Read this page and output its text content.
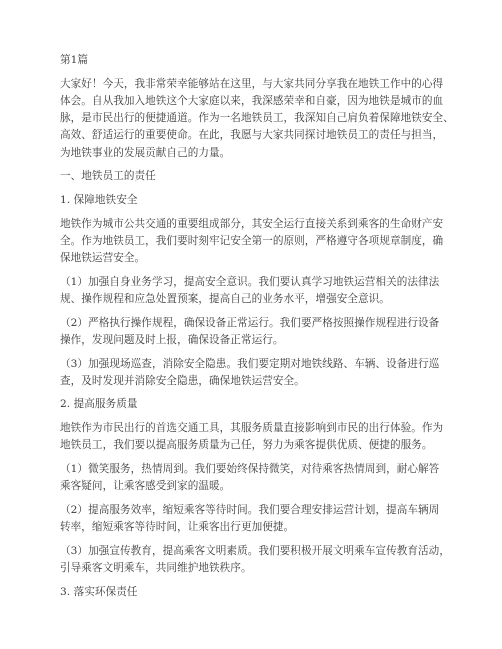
第1篇

大家好！今天，我非常荣幸能够站在这里，与大家共同分享我在地铁工作中的心得

体会。自从我加入地铁这个大家庭以来，我深感荣幸和自豪，因为地铁是城市的血

脉，是市民出行的便捷通道。作为一名地铁员工，我深知自己肩负着保障地铁安全、

高效、舒适运行的重要使命。在此，我愿与大家共同探讨地铁员工的责任与担当，

为地铁事业的发展贡献自己的力量。

一、地铁员工的责任

1. 保障地铁安全

地铁作为城市公共交通的重要组成部分，其安全运行直接关系到乘客的生命财产安

全。作为地铁员工，我们要时刻牢记安全第一的原则，严格遵守各项规章制度，确

保地铁运营安全。

（1）加强自身业务学习，提高安全意识。我们要认真学习地铁运营相关的法律法

规、操作规程和应急处置预案，提高自己的业务水平，增强安全意识。

（2）严格执行操作规程，确保设备正常运行。我们要严格按照操作规程进行设备

操作，发现问题及时上报，确保设备正常运行。

（3）加强现场巡查，消除安全隐患。我们要定期对地铁线路、车辆、设备进行巡

查，及时发现并消除安全隐患，确保地铁运营安全。

2. 提高服务质量

地铁作为市民出行的首选交通工具，其服务质量直接影响到市民的出行体验。作为

地铁员工，我们要以提高服务质量为己任，努力为乘客提供优质、便捷的服务。

（1）微笑服务，热情周到。我们要始终保持微笑，对待乘客热情周到，耐心解答

乘客疑问，让乘客感受到家的温暖。

（2）提高服务效率，缩短乘客等待时间。我们要合理安排运营计划，提高车辆周

转率，缩短乘客等待时间，让乘客出行更加便捷。

（3）加强宣传教育，提高乘客文明素质。我们要积极开展文明乘车宣传教育活动，

引导乘客文明乘车，共同维护地铁秩序。

3. 落实环保责任
